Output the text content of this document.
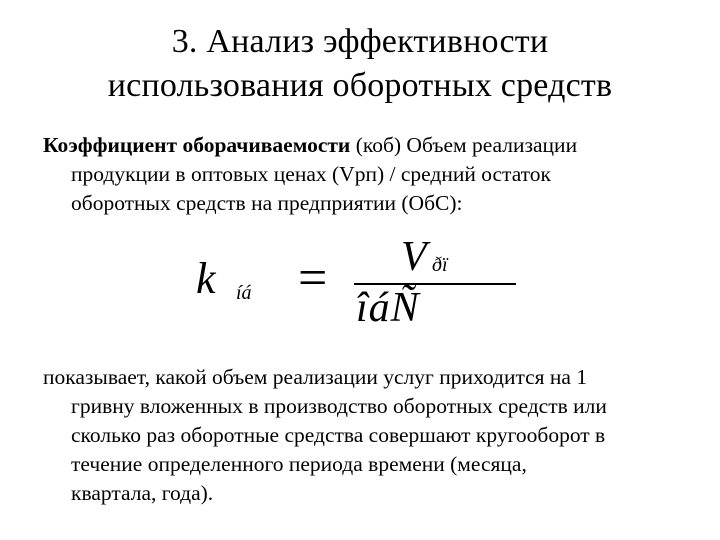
3. Анализ эффективности
использования оборотных средств
Коэффициент оборачиваемости (коб) Объем реализации
продукции в оптовых ценах (Vрп) / средний остаток
оборотных средств на предприятии (ОбС):
k íá = V ðï
îáÑ
показывает, какой объем реализации услуг приходится на 1
гривну вложенных в производство оборотных средств или
сколько раз оборотные средства совершают кругооборот в
течение определенного периода времени (месяца,
квартала, года).
